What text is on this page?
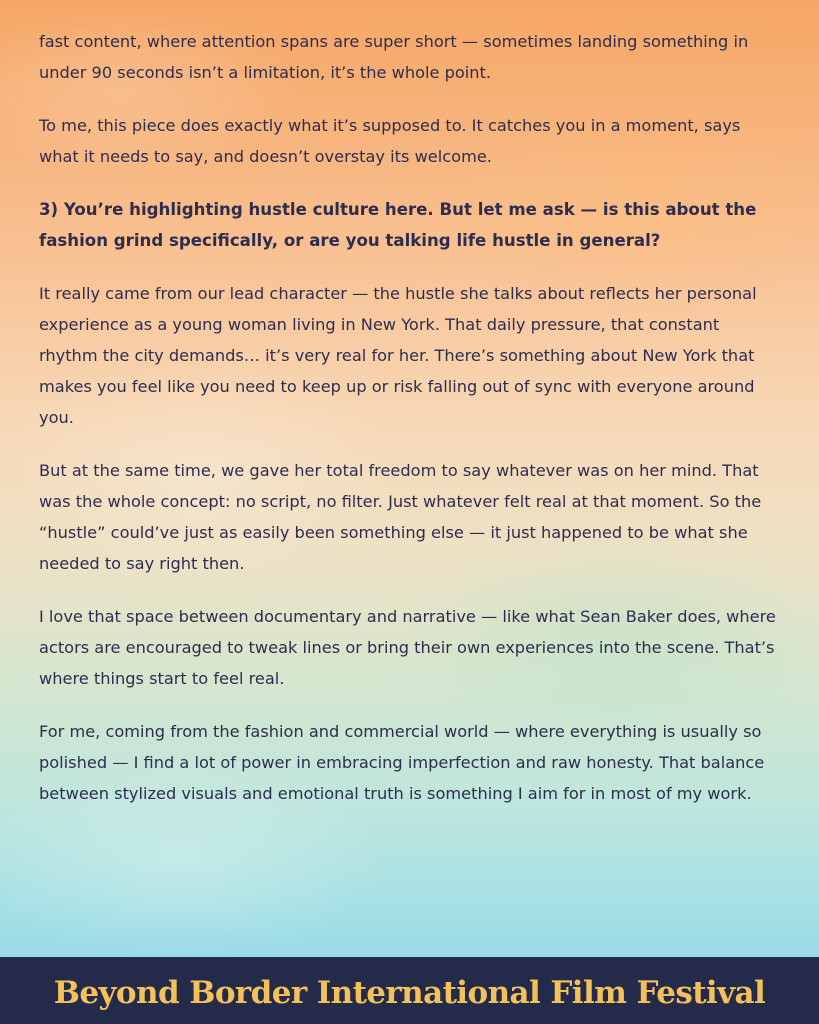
fast content, where attention spans are super short — sometimes landing something in under 90 seconds isn’t a limitation, it’s the whole point.

To me, this piece does exactly what it’s supposed to. It catches you in a moment, says what it needs to say, and doesn’t overstay its welcome.

3) You’re highlighting hustle culture here. But let me ask — is this about the fashion grind specifically, or are you talking life hustle in general?

It really came from our lead character — the hustle she talks about reflects her personal experience as a young woman living in New York. That daily pressure, that constant rhythm the city demands… it’s very real for her. There’s something about New York that makes you feel like you need to keep up or risk falling out of sync with everyone around you.

But at the same time, we gave her total freedom to say whatever was on her mind. That was the whole concept: no script, no filter. Just whatever felt real at that moment. So the “hustle” could’ve just as easily been something else — it just happened to be what she needed to say right then.

I love that space between documentary and narrative — like what Sean Baker does, where actors are encouraged to tweak lines or bring their own experiences into the scene. That’s where things start to feel real.

For me, coming from the fashion and commercial world — where everything is usually so polished — I find a lot of power in embracing imperfection and raw honesty. That balance between stylized visuals and emotional truth is something I aim for in most of my work.

Beyond Border International Film Festival
